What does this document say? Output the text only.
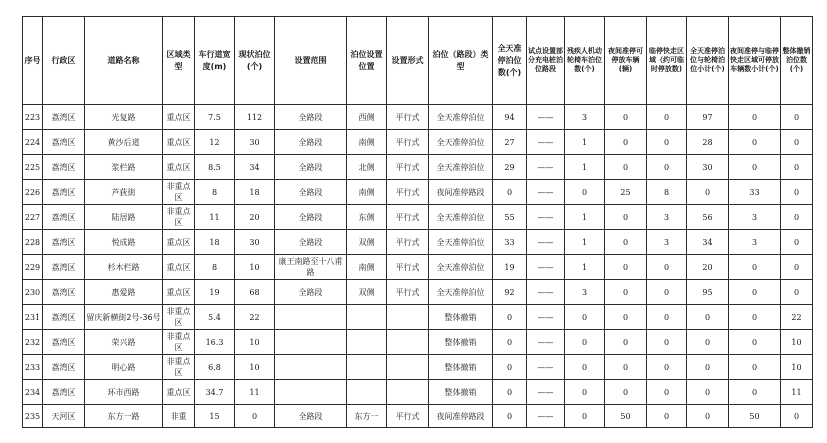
序号	行政区	道路名称	区域类型	车行道宽度(m)	现状泊位(个)	设置范围	泊位设置位置	设置形式	泊位（路段）类型	全天准停泊位数(个)	试点设置部分充电桩泊位路段	残疾人机动轮椅车泊位数(个)	夜间准停可停放车辆(辆)	临停快走区域（约可临时停放数)	全天准停泊位与轮椅泊位小计(个)	夜间准停与临停快走区域可停放车辆数小计(个)	整体撤销泊位数(个)
223	荔湾区	光复路	重点区	7.5	112	全路段	西侧	平行式	全天准停泊位	94	——	3	0	0	97	0	0
224	荔湾区	黄沙后道	重点区	12	30	全路段	南侧	平行式	全天准停泊位	27	——	1	0	0	28	0	0
225	荔湾区	浆栏路	重点区	8.5	34	全路段	北侧	平行式	全天准停泊位	29	——	1	0	0	30	0	0
226	荔湾区	芦荻街	非重点区	8	18	全路段	南侧	平行式	夜间准停路段	0	——	0	25	8	0	33	0
227	荔湾区	陆居路	非重点区	11	20	全路段	东侧	平行式	全天准停泊位	55	——	1	0	3	56	3	0
228	荔湾区	悦成路	重点区	18	30	全路段	双侧	平行式	全天准停泊位	33	——	1	0	3	34	3	0
229	荔湾区	杉木栏路	重点区	8	10	康王南路至十八甫路	南侧	平行式	全天准停泊位	19	——	1	0	0	20	0	0
230	荔湾区	惠爱路	重点区	19	68	全路段	双侧	平行式	全天准停泊位	92	——	3	0	0	95	0	0
231	荔湾区	留庆新横街2号-36号	非重点区	5.4	22				整体撤销	0	——	0	0	0	0	0	22
232	荔湾区	荣兴路	非重点区	16.3	10				整体撤销	0	——	0	0	0	0	0	10
233	荔湾区	明心路	非重点区	6.8	10				整体撤销	0	——	0	0	0	0	0	10
234	荔湾区	环市西路	重点区	34.7	11				整体撤销	0	——	0	0	0	0	0	11
235	天河区	东方一路	非重	15	0	全路段	东方一	平行式	夜间准停路段	0	——	0	50	0	0	50	0
